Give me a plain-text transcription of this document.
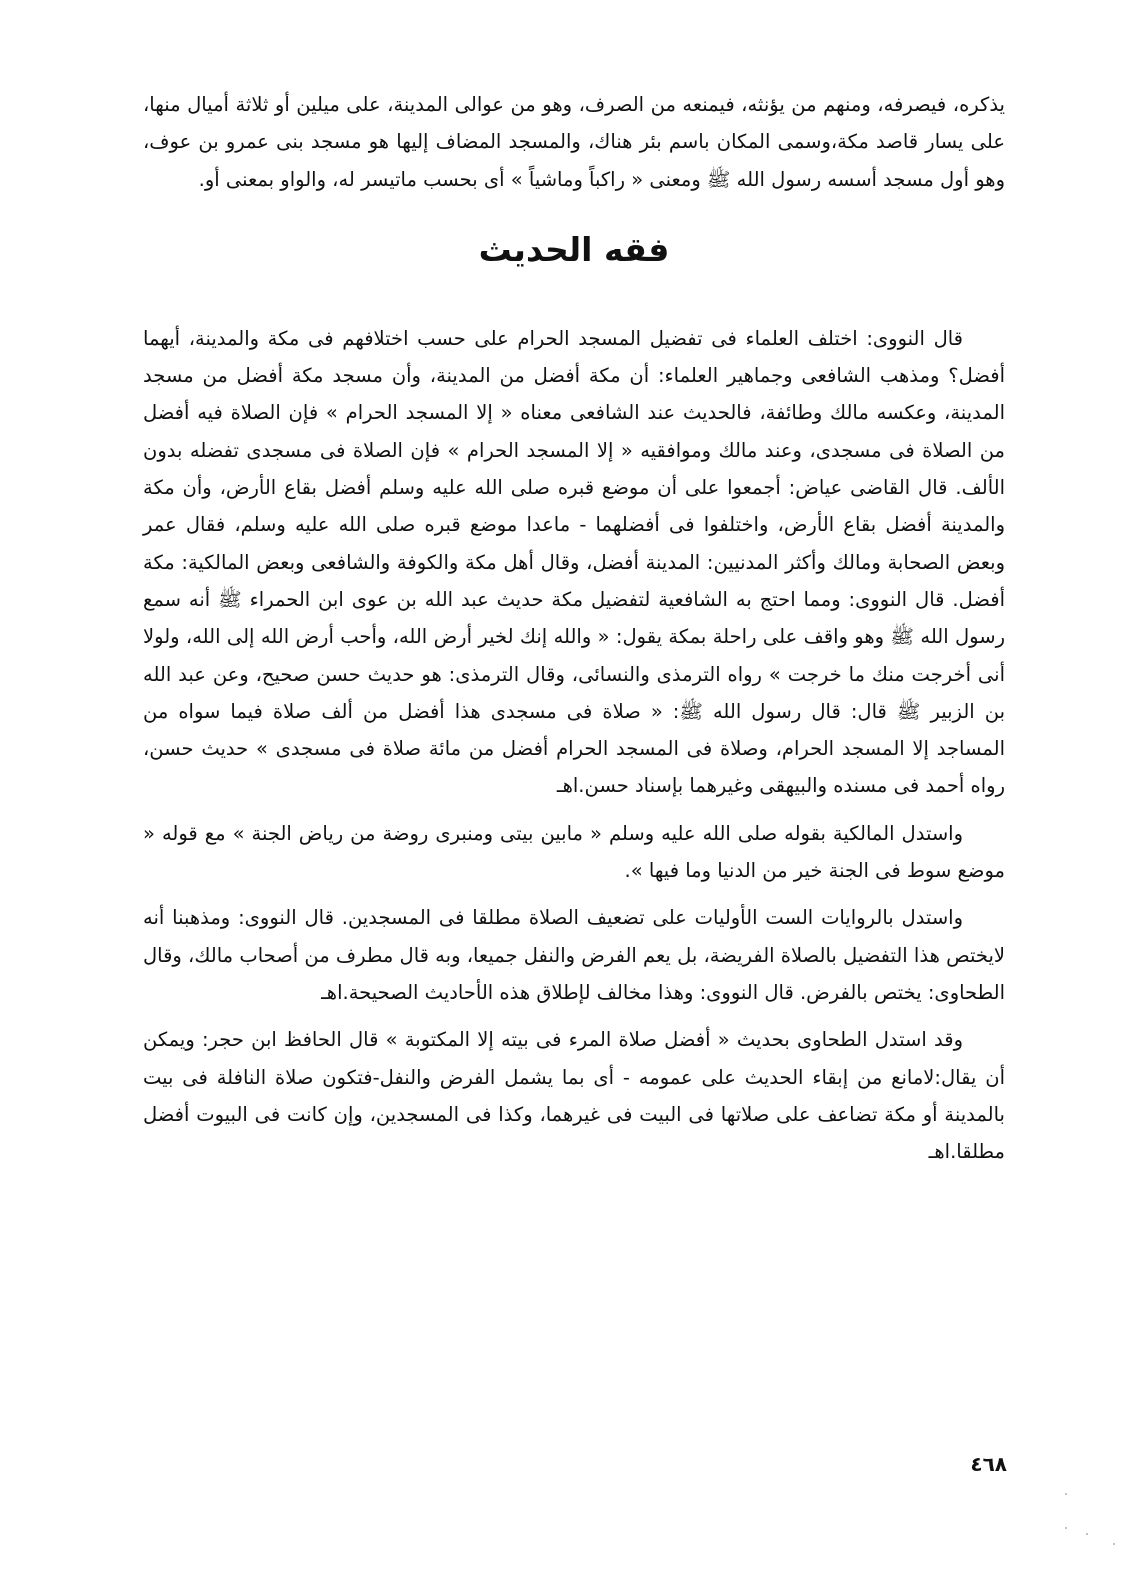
يذكره، فيصرفه، ومنهم من يؤنثه، فيمنعه من الصرف، وهو من عوالى المدينة، على ميلين أو ثلاثة أميال منها، على يسار قاصد مكة،وسمى المكان باسم بئر هناك، والمسجد المضاف إليها هو مسجد بنى عمرو بن عوف، وهو أول مسجد أسسه رسول الله ﷺ ومعنى « راكباً وماشياً » أى بحسب ماتيسر له، والواو بمعنى أو.

فقه الحديث

قال النووى: اختلف العلماء فى تفضيل المسجد الحرام على حسب اختلافهم فى مكة والمدينة، أيهما أفضل؟ ومذهب الشافعى وجماهير العلماء: أن مكة أفضل من المدينة، وأن مسجد مكة أفضل من مسجد المدينة، وعكسه مالك وطائفة، فالحديث عند الشافعى معناه « إلا المسجد الحرام » فإن الصلاة فيه أفضل من الصلاة فى مسجدى، وعند مالك وموافقيه « إلا المسجد الحرام » فإن الصلاة فى مسجدى تفضله بدون الألف. قال القاضى عياض: أجمعوا على أن موضع قبره صلى الله عليه وسلم أفضل بقاع الأرض، وأن مكة والمدينة أفضل بقاع الأرض، واختلفوا فى أفضلهما - ماعدا موضع قبره صلى الله عليه وسلم، فقال عمر وبعض الصحابة ومالك وأكثر المدنيين: المدينة أفضل، وقال أهل مكة والكوفة والشافعى وبعض المالكية: مكة أفضل. قال النووى: ومما احتج به الشافعية لتفضيل مكة حديث عبد الله بن عوى ابن الحمراء ﷺ أنه سمع رسول الله ﷺ وهو واقف على راحلة بمكة يقول: « والله إنك لخير أرض الله، وأحب أرض الله إلى الله، ولولا أنى أخرجت منك ما خرجت » رواه الترمذى والنسائى، وقال الترمذى: هو حديث حسن صحيح، وعن عبد الله بن الزبير ﷺ قال: قال رسول الله ﷺ: « صلاة فى مسجدى هذا أفضل من ألف صلاة فيما سواه من المساجد إلا المسجد الحرام، وصلاة فى المسجد الحرام أفضل من مائة صلاة فى مسجدى » حديث حسن، رواه أحمد فى مسنده والبيهقى وغيرهما بإسناد حسن.اهـ

واستدل المالكية بقوله صلى الله عليه وسلم « مابين بيتى ومنبرى روضة من رياض الجنة » مع قوله « موضع سوط فى الجنة خير من الدنيا وما فيها ».

واستدل بالروايات الست الأوليات على تضعيف الصلاة مطلقا فى المسجدين. قال النووى: ومذهبنا أنه لايختص هذا التفضيل بالصلاة الفريضة، بل يعم الفرض والنفل جميعا، وبه قال مطرف من أصحاب مالك، وقال الطحاوى: يختص بالفرض. قال النووى: وهذا مخالف لإطلاق هذه الأحاديث الصحيحة.اهـ

وقد استدل الطحاوى بحديث « أفضل صلاة المرء فى بيته إلا المكتوبة » قال الحافظ ابن حجر: ويمكن أن يقال:لامانع من إبقاء الحديث على عمومه - أى بما يشمل الفرض والنفل-فتكون صلاة النافلة فى بيت بالمدينة أو مكة تضاعف على صلاتها فى البيت فى غيرهما، وكذا فى المسجدين، وإن كانت فى البيوت أفضل مطلقا.اهـ

٤٦٨
